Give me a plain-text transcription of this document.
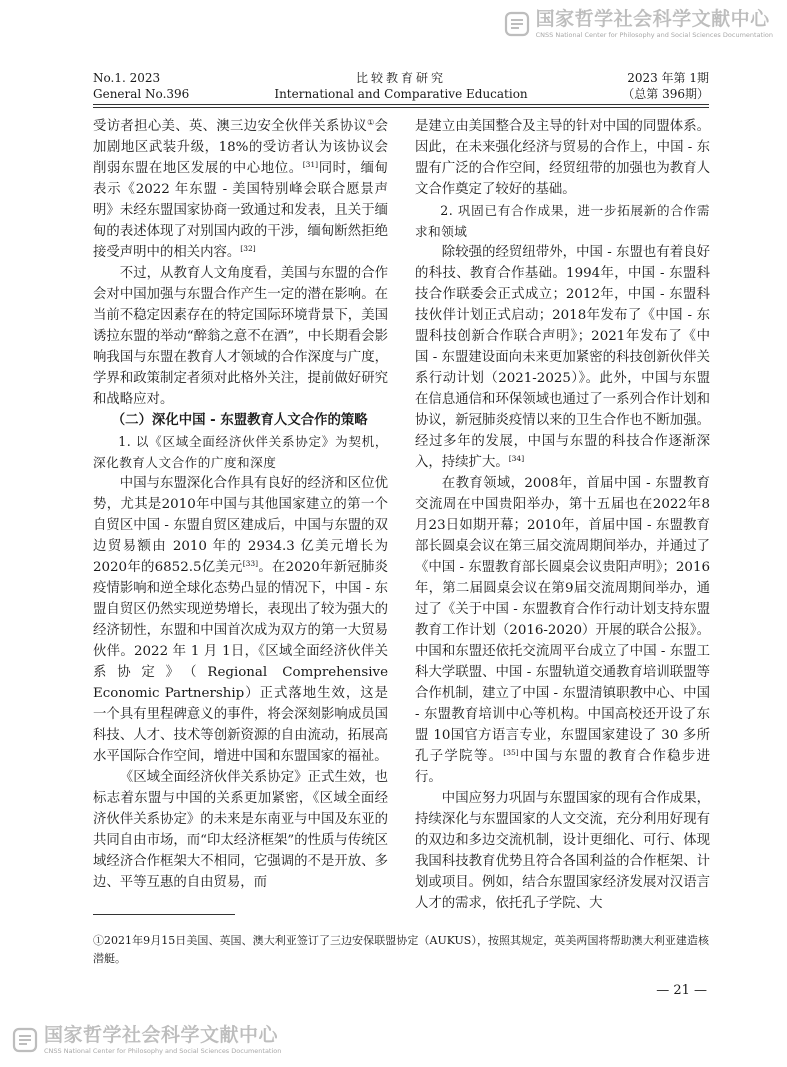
国家哲学社会科学文献中心
CNSS National Center for Philosophy and Social Sciences Documentation
No.1. 2023
General No.396
比较教育研究
International and Comparative Education
2023 年第 1期
（总第 396期）

受访者担心美、英、澳三边安全伙伴关系协议①会加剧地区武装升级，18%的受访者认为该协议会削弱东盟在地区发展的中心地位。[31]同时，缅甸表示《2022 年东盟 - 美国特别峰会联合愿景声明》未经东盟国家协商一致通过和发表，且关于缅甸的表述体现了对别国内政的干涉，缅甸断然拒绝接受声明中的相关内容。[32]

不过，从教育人文角度看，美国与东盟的合作会对中国加强与东盟合作产生一定的潜在影响。在当前不稳定因素存在的特定国际环境背景下，美国诱拉东盟的举动“醉翁之意不在酒”，中长期看会影响我国与东盟在教育人才领域的合作深度与广度，学界和政策制定者须对此格外关注，提前做好研究和战略应对。

（二）深化中国 - 东盟教育人文合作的策略

1. 以《区域全面经济伙伴关系协定》为契机，深化教育人文合作的广度和深度

中国与东盟深化合作具有良好的经济和区位优势，尤其是2010年中国与其他国家建立的第一个自贸区中国 - 东盟自贸区建成后，中国与东盟的双边贸易额由 2010 年的 2934.3 亿美元增长为2020年的6852.5亿美元[33]。在2020年新冠肺炎疫情影响和逆全球化态势凸显的情况下，中国 - 东盟自贸区仍然实现逆势增长，表现出了较为强大的经济韧性，东盟和中国首次成为双方的第一大贸易伙伴。2022 年 1 月 1日，《区域全面经济伙伴关系协定》（Regional Comprehensive Economic Partnership）正式落地生效，这是一个具有里程碑意义的事件，将会深刻影响成员国科技、人才、技术等创新资源的自由流动，拓展高水平国际合作空间，增进中国和东盟国家的福祉。

《区域全面经济伙伴关系协定》正式生效，也标志着东盟与中国的关系更加紧密，《区域全面经济伙伴关系协定》的未来是东南亚与中国及东亚的共同自由市场，而“印太经济框架”的性质与传统区域经济合作框架大不相同，它强调的不是开放、多边、平等互惠的自由贸易，而

是建立由美国整合及主导的针对中国的同盟体系。因此，在未来强化经济与贸易的合作上，中国 - 东盟有广泛的合作空间，经贸纽带的加强也为教育人文合作奠定了较好的基础。

2. 巩固已有合作成果，进一步拓展新的合作需求和领域

除较强的经贸纽带外，中国 - 东盟也有着良好的科技、教育合作基础。1994年，中国 - 东盟科技合作联委会正式成立；2012年，中国 - 东盟科技伙伴计划正式启动；2018年发布了《中国 - 东盟科技创新合作联合声明》；2021年发布了《中国 - 东盟建设面向未来更加紧密的科技创新伙伴关系行动计划（2021-2025）》。此外，中国与东盟在信息通信和环保领域也通过了一系列合作计划和协议，新冠肺炎疫情以来的卫生合作也不断加强。经过多年的发展，中国与东盟的科技合作逐渐深入，持续扩大。[34]

在教育领域，2008年，首届中国 - 东盟教育交流周在中国贵阳举办，第十五届也在2022年8月23日如期开幕；2010年，首届中国 - 东盟教育部长圆桌会议在第三届交流周期间举办，并通过了《中国 - 东盟教育部长圆桌会议贵阳声明》；2016年，第二届圆桌会议在第9届交流周期间举办，通过了《关于中国 - 东盟教育合作行动计划支持东盟教育工作计划（2016-2020）开展的联合公报》。中国和东盟还依托交流周平台成立了中国 - 东盟工科大学联盟、中国 - 东盟轨道交通教育培训联盟等合作机制，建立了中国 - 东盟清镇职教中心、中国 - 东盟教育培训中心等机构。中国高校还开设了东盟 10国官方语言专业，东盟国家建设了 30 多所孔子学院等。[35]中国与东盟的教育合作稳步进行。

中国应努力巩固与东盟国家的现有合作成果，持续深化与东盟国家的人文交流，充分利用好现有的双边和多边交流机制，设计更细化、可行、体现我国科技教育优势且符合各国利益的合作框架、计划或项目。例如，结合东盟国家经济发展对汉语言人才的需求，依托孔子学院、大

①2021年9月15日美国、英国、澳大利亚签订了三边安保联盟协定（AUKUS），按照其规定，英美两国将帮助澳大利亚建造核潜艇。
— 21 —
国家哲学社会科学文献中心
CNSS National Center for Philosophy and Social Sciences Documentation
